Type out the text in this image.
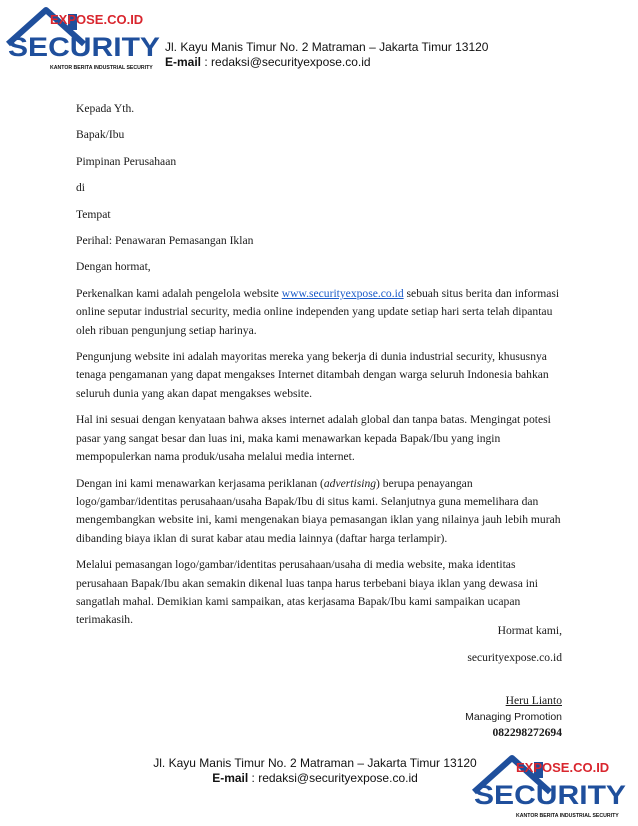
EXPOSE.CO.ID
SECURITY
KANTOR BERITA INDUSTRIAL SECURITY
Jl. Kayu Manis Timur No. 2 Matraman – Jakarta Timur 13120
E-mail : redaksi@securityexpose.co.id

Kepada Yth.

Bapak/Ibu

Pimpinan Perusahaan

di

Tempat

Perihal: Penawaran Pemasangan Iklan

Dengan hormat,

Perkenalkan kami adalah pengelola website www.securityexpose.co.id sebuah situs berita dan informasi online seputar industrial security, media online independen yang update setiap hari serta telah dipantau oleh ribuan pengunjung setiap harinya.

Pengunjung website ini adalah mayoritas mereka yang bekerja di dunia industrial security, khususnya tenaga pengamanan yang dapat mengakses Internet ditambah dengan warga seluruh Indonesia bahkan seluruh dunia yang akan dapat mengakses website.

Hal ini sesuai dengan kenyataan bahwa akses internet adalah global dan tanpa batas. Mengingat potesi pasar yang sangat besar dan luas ini, maka kami menawarkan kepada Bapak/Ibu yang ingin mempopulerkan nama produk/usaha melalui media internet.

Dengan ini kami menawarkan kerjasama periklanan (advertising) berupa penayangan logo/gambar/identitas perusahaan/usaha Bapak/Ibu di situs kami. Selanjutnya guna memelihara dan mengembangkan website ini, kami mengenakan biaya pemasangan iklan yang nilainya jauh lebih murah dibanding biaya iklan di surat kabar atau media lainnya (daftar harga terlampir).

Melalui pemasangan logo/gambar/identitas perusahaan/usaha di media website, maka identitas perusahaan Bapak/Ibu akan semakin dikenal luas tanpa harus terbebani biaya iklan yang dewasa ini sangatlah mahal. Demikian kami sampaikan, atas kerjasama Bapak/Ibu kami sampaikan ucapan terimakasih.

Hormat kami,
securityexpose.co.id
Heru Lianto
Managing Promotion
082298272694
Jl. Kayu Manis Timur No. 2 Matraman – Jakarta Timur 13120
E-mail : redaksi@securityexpose.co.id
EXPOSE.CO.ID
SECURITY
KANTOR BERITA INDUSTRIAL SECURITY
